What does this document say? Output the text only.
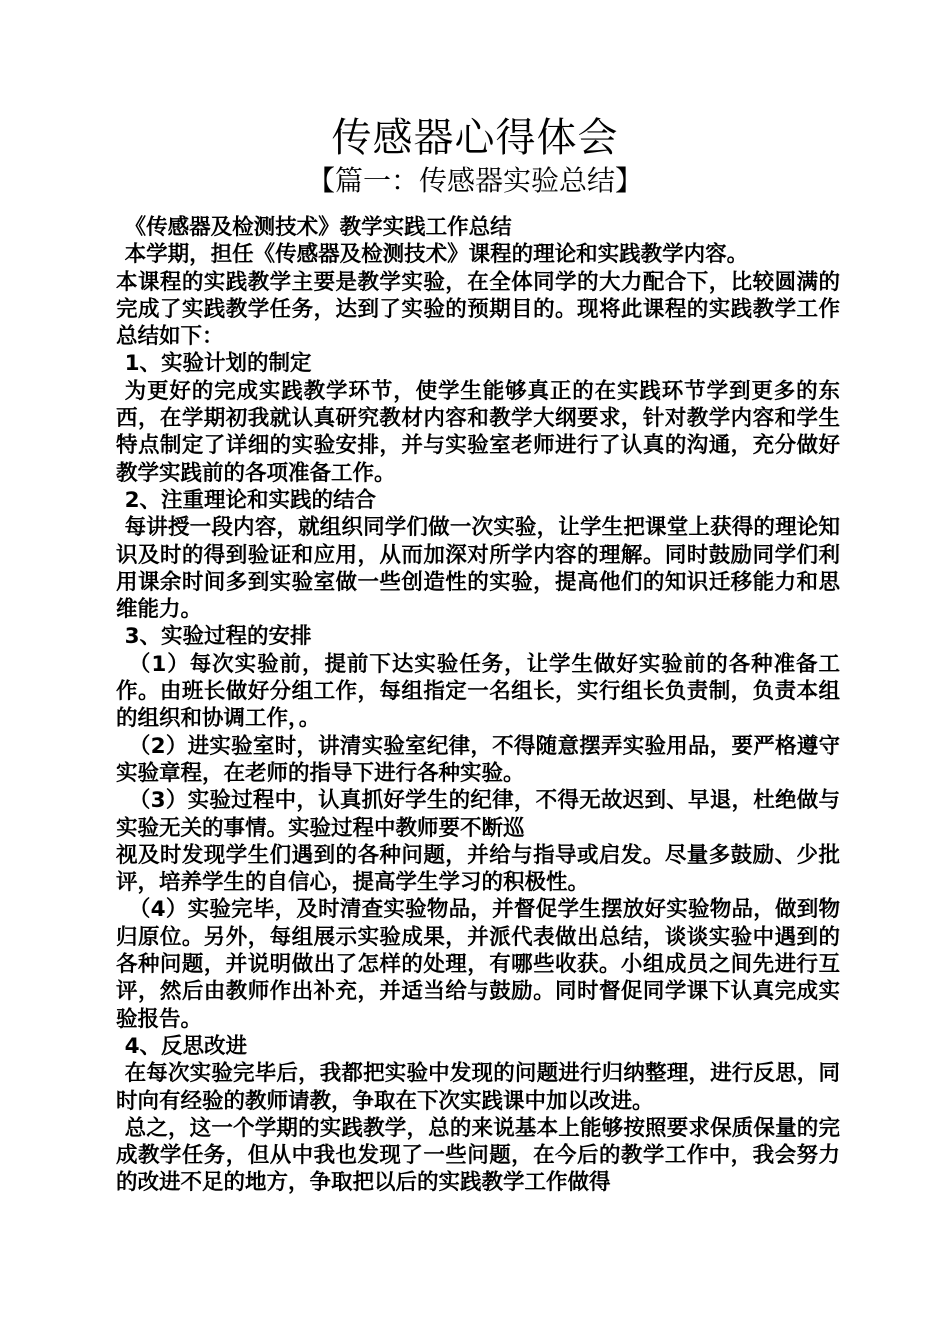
传感器心得体会
【篇一：传感器实验总结】

《传感器及检测技术》教学实践工作总结

本学期，担任《传感器及检测技术》课程的理论和实践教学内容。

本课程的实践教学主要是教学实验，在全体同学的大力配合下，比较圆满的完成了实践教学任务，达到了实验的预期目的。现将此课程的实践教学工作总结如下：

1、实验计划的制定

为更好的完成实践教学环节，使学生能够真正的在实践环节学到更多的东西，在学期初我就认真研究教材内容和教学大纲要求，针对教学内容和学生特点制定了详细的实验安排，并与实验室老师进行了认真的沟通，充分做好教学实践前的各项准备工作。

2、注重理论和实践的结合

每讲授一段内容，就组织同学们做一次实验，让学生把课堂上获得的理论知识及时的得到验证和应用，从而加深对所学内容的理解。同时鼓励同学们利用课余时间多到实验室做一些创造性的实验，提高他们的知识迁移能力和思维能力。

3、实验过程的安排

（1）每次实验前，提前下达实验任务，让学生做好实验前的各种准备工作。由班长做好分组工作，每组指定一名组长，实行组长负责制，负责本组的组织和协调工作，。

（2）进实验室时，讲清实验室纪律，不得随意摆弄实验用品，要严格遵守实验章程，在老师的指导下进行各种实验。

（3）实验过程中，认真抓好学生的纪律，不得无故迟到、早退，杜绝做与实验无关的事情。实验过程中教师要不断巡

视及时发现学生们遇到的各种问题，并给与指导或启发。尽量多鼓励、少批评，培养学生的自信心，提高学生学习的积极性。

（4）实验完毕，及时清查实验物品，并督促学生摆放好实验物品，做到物归原位。另外，每组展示实验成果，并派代表做出总结，谈谈实验中遇到的各种问题，并说明做出了怎样的处理，有哪些收获。小组成员之间先进行互评，然后由教师作出补充，并适当给与鼓励。同时督促同学课下认真完成实验报告。

4、反思改进

在每次实验完毕后，我都把实验中发现的问题进行归纳整理，进行反思，同时向有经验的教师请教，争取在下次实践课中加以改进。

总之，这一个学期的实践教学，总的来说基本上能够按照要求保质保量的完成教学任务，但从中我也发现了一些问题，在今后的教学工作中，我会努力的改进不足的地方，争取把以后的实践教学工作做得
